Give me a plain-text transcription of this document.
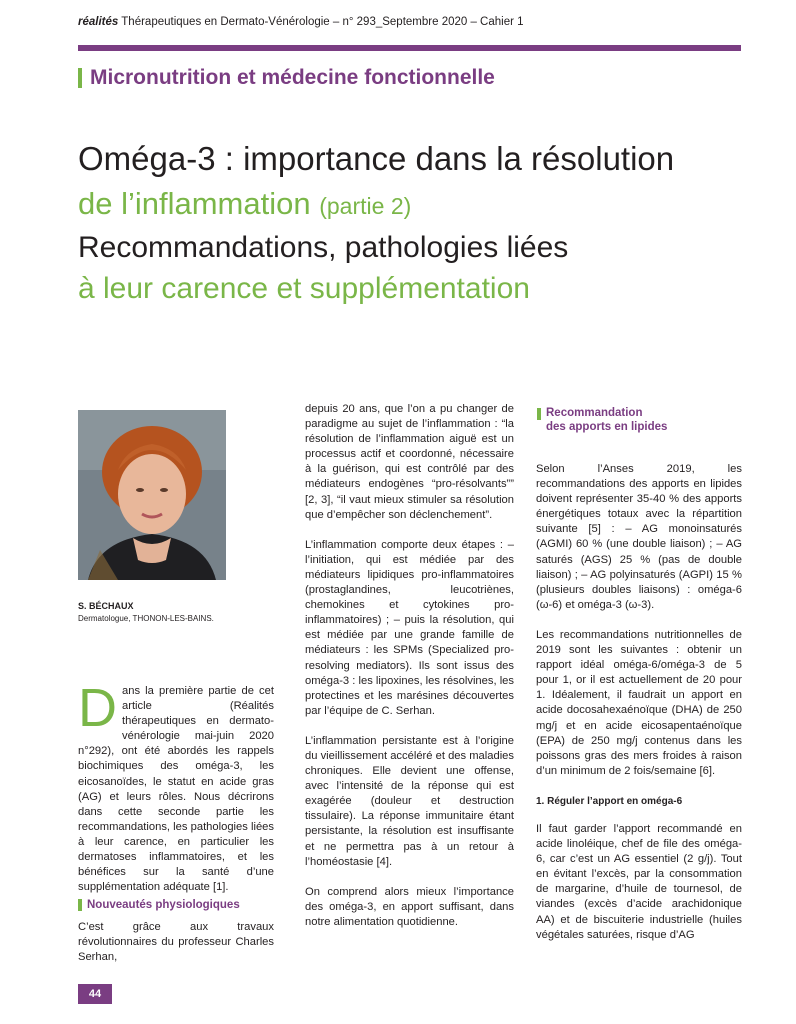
réalités Thérapeutiques en Dermato-Vénérologie – n° 293_Septembre 2020 – Cahier 1
Micronutrition et médecine fonctionnelle
Oméga-3 : importance dans la résolution
de l’inflammation (partie 2)
Recommandations, pathologies liées
à leur carence et supplémentation
S. BÉCHAUX
Dermatologue, THONON-LES-BAINS.

Dans la première partie de cet article (Réalités thérapeutiques en dermato-vénérologie mai-juin 2020 n°292), ont été abordés les rappels biochimiques des oméga-3, les eicosanoïdes, le statut en acide gras (AG) et leurs rôles. Nous décrirons dans cette seconde partie les recommandations, les pathologies liées à leur carence, en particulier les dermatoses inflammatoires, et les bénéfices sur la santé d’une supplémentation adéquate [1].

C’est grâce aux travaux révolutionnaires du professeur Charles Serhan,

Nouveautés physiologiques

depuis 20 ans, que l’on a pu changer de paradigme au sujet de l’inflammation : “la résolution de l’inflammation aiguë est un processus actif et coordonné, nécessaire à la guérison, qui est contrôlé par des médiateurs endogènes “pro-résolvants”” [2, 3], “il vaut mieux stimuler sa résolution que d’empêcher son déclenchement”.

L’inflammation comporte deux étapes : – l’initiation, qui est médiée par des médiateurs lipidiques pro-inflammatoires (prostaglandines, leucotriènes, chemokines et cytokines pro-inflammatoires) ; – puis la résolution, qui est médiée par une grande famille de médiateurs : les SPMs (Specialized pro-resolving mediators). Ils sont issus des oméga-3 : les lipoxines, les résolvines, les protectines et les marésines découvertes par l’équipe de C. Serhan.

L’inflammation persistante est à l’origine du vieillissement accéléré et des maladies chroniques. Elle devient une offense, avec l’intensité de la réponse qui est exagérée (douleur et destruction tissulaire). La réponse immunitaire étant persistante, la résolution est insuffisante et ne permettra pas à un retour à l’homéostasie [4].

On comprend alors mieux l’importance des oméga-3, en apport suffisant, dans notre alimentation quotidienne.

Recommandation
des apports en lipides

Selon l’Anses 2019, les recommandations des apports en lipides doivent représenter 35-40 % des apports énergétiques totaux avec la répartition suivante [5] : – AG monoinsaturés (AGMI) 60 % (une double liaison) ; – AG saturés (AGS) 25 % (pas de double liaison) ; – AG polyinsaturés (AGPI) 15 % (plusieurs doubles liaisons) : oméga-6 (ω-6) et oméga-3 (ω-3).

Les recommandations nutritionnelles de 2019 sont les suivantes : obtenir un rapport idéal oméga-6/oméga-3 de 5 pour 1, or il est actuellement de 20 pour 1. Idéalement, il faudrait un apport en acide docosahexaénoïque (DHA) de 250 mg/j et en acide eicosapentaénoïque (EPA) de 250 mg/j contenus dans les poissons gras des mers froides à raison d’un minimum de 2 fois/semaine [6].

1. Réguler l’apport en oméga-6

Il faut garder l’apport recommandé en acide linoléique, chef de file des oméga-6, car c’est un AG essentiel (2 g/j). Tout en évitant l’excès, par la consommation de margarine, d’huile de tournesol, de viandes (excès d’acide arachidonique AA) et de biscuiterie industrielle (huiles végétales saturées, risque d’AG

44
